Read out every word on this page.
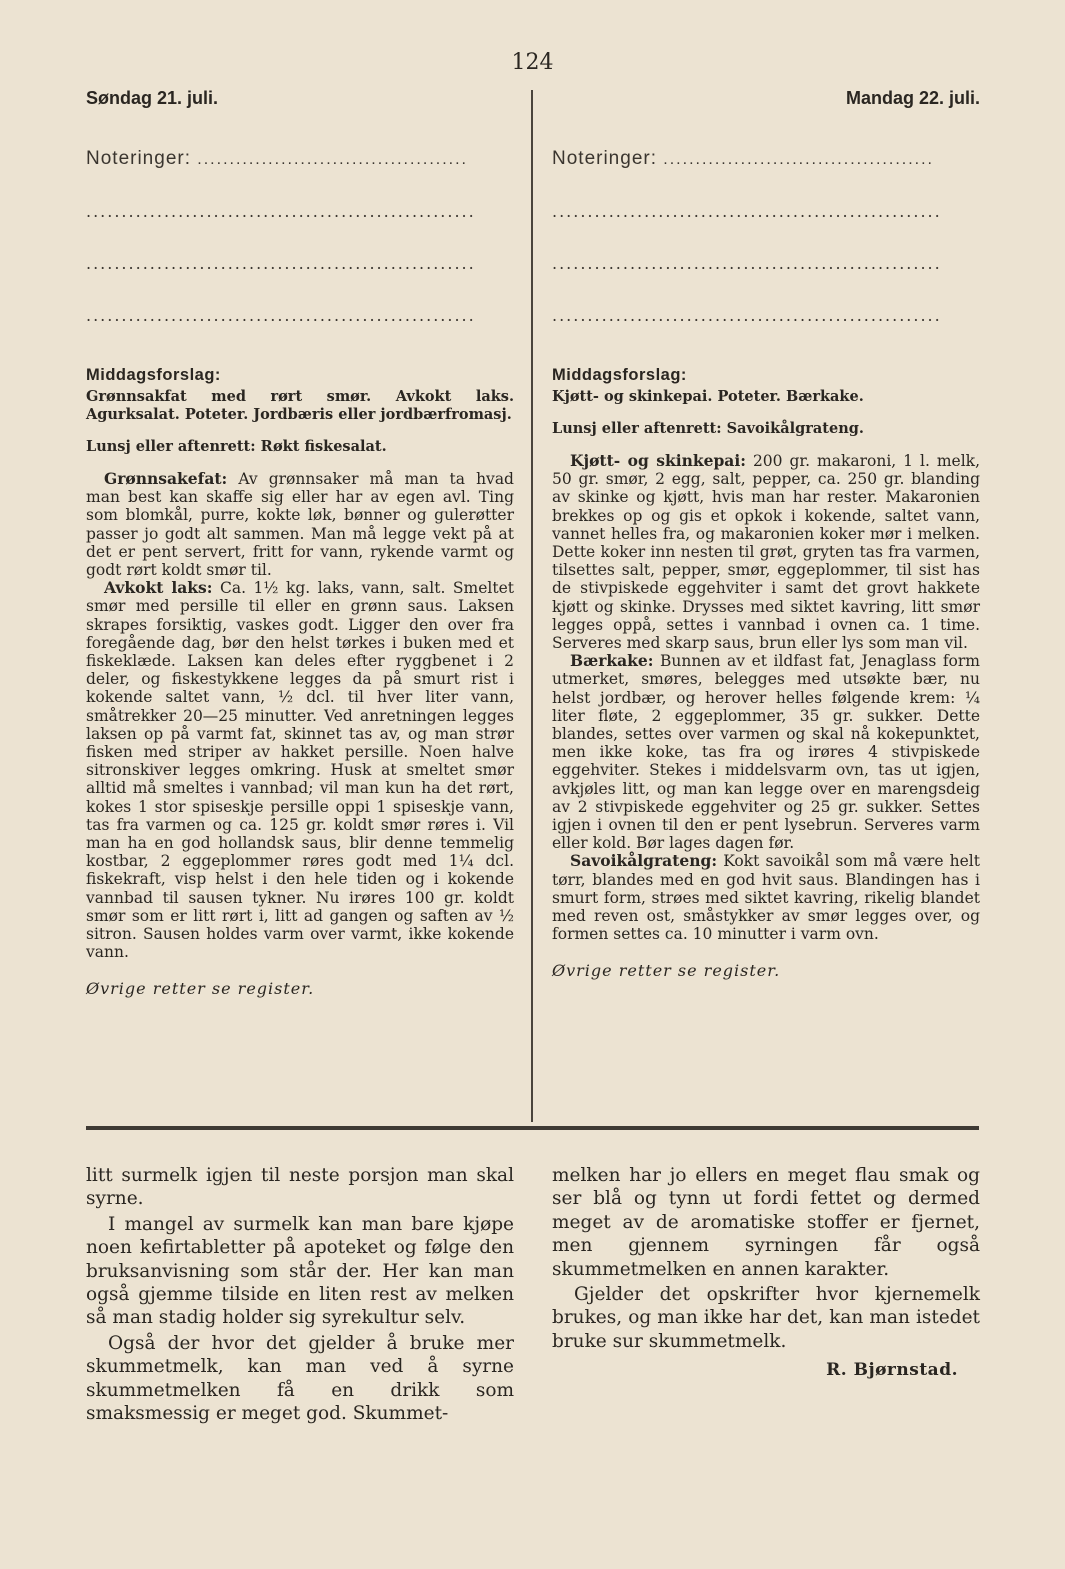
124
Søndag 21. juli.
Noteringer: ..........................................
.......................................................
.......................................................
.......................................................
Middagsforslag:
Grønnsakfat med rørt smør. Avkokt laks. Agurksalat. Poteter. Jordbæris eller jordbærfromasj.
Lunsj eller aftenrett: Røkt fiskesalat.

Grønnsakefat: Av grønnsaker må man ta hvad man best kan skaffe sig eller har av egen avl. Ting som blomkål, purre, kokte løk, bønner og gulerøtter passer jo godt alt sammen. Man må legge vekt på at det er pent servert, fritt for vann, rykende varmt og godt rørt koldt smør til.

Avkokt laks: Ca. 1½ kg. laks, vann, salt. Smeltet smør med persille til eller en grønn saus. Laksen skrapes forsiktig, vaskes godt. Ligger den over fra foregående dag, bør den helst tørkes i buken med et fiskeklæde. Laksen kan deles efter ryggbenet i 2 deler, og fiskestykkene legges da på smurt rist i kokende saltet vann, ½ dcl. til hver liter vann, småtrekker 20—25 minutter. Ved anretningen legges laksen op på varmt fat, skinnet tas av, og man strør fisken med striper av hakket persille. Noen halve sitronskiver legges omkring. Husk at smeltet smør alltid må smeltes i vannbad; vil man kun ha det rørt, kokes 1 stor spiseskje persille oppi 1 spiseskje vann, tas fra varmen og ca. 125 gr. koldt smør røres i. Vil man ha en god hollandsk saus, blir denne temmelig kostbar, 2 eggeplommer røres godt med 1¼ dcl. fiskekraft, visp helst i den hele tiden og i kokende vannbad til sausen tykner. Nu irøres 100 gr. koldt smør som er litt rørt i, litt ad gangen og saften av ½ sitron. Sausen holdes varm over varmt, ikke kokende vann.

Øvrige retter se register.
Mandag 22. juli.
Noteringer: ..........................................
.......................................................
.......................................................
.......................................................
Middagsforslag:
Kjøtt- og skinkepai. Poteter. Bærkake.
Lunsj eller aftenrett: Savoikålgrateng.

Kjøtt- og skinkepai: 200 gr. makaroni, 1 l. melk, 50 gr. smør, 2 egg, salt, pepper, ca. 250 gr. blanding av skinke og kjøtt, hvis man har rester. Makaronien brekkes op og gis et opkok i kokende, saltet vann, vannet helles fra, og makaronien koker mør i melken. Dette koker inn nesten til grøt, gryten tas fra varmen, tilsettes salt, pepper, smør, eggeplommer, til sist has de stivpiskede eggehviter i samt det grovt hakkete kjøtt og skinke. Drysses med siktet kavring, litt smør legges oppå, settes i vannbad i ovnen ca. 1 time. Serveres med skarp saus, brun eller lys som man vil.

Bærkake: Bunnen av et ildfast fat, Jenaglass form utmerket, smøres, belegges med utsøkte bær, nu helst jordbær, og herover helles følgende krem: ¼ liter fløte, 2 eggeplommer, 35 gr. sukker. Dette blandes, settes over varmen og skal nå kokepunktet, men ikke koke, tas fra og irøres 4 stivpiskede eggehviter. Stekes i middelsvarm ovn, tas ut igjen, avkjøles litt, og man kan legge over en marengsdeig av 2 stivpiskede eggehviter og 25 gr. sukker. Settes igjen i ovnen til den er pent lysebrun. Serveres varm eller kold. Bør lages dagen før.

Savoikålgrateng: Kokt savoikål som må være helt tørr, blandes med en god hvit saus. Blandingen has i smurt form, strøes med siktet kavring, rikelig blandet med reven ost, småstykker av smør legges over, og formen settes ca. 10 minutter i varm ovn.

Øvrige retter se register.

litt surmelk igjen til neste porsjon man skal syrne.

I mangel av surmelk kan man bare kjøpe noen kefirtabletter på apoteket og følge den bruksanvisning som står der. Her kan man også gjemme tilside en liten rest av melken så man stadig holder sig syrekultur selv.

Også der hvor det gjelder å bruke mer skummetmelk, kan man ved å syrne skummetmelken få en drikk som smaksmessig er meget god. Skummet-

melken har jo ellers en meget flau smak og ser blå og tynn ut fordi fettet og dermed meget av de aromatiske stoffer er fjernet, men gjennem syrningen får også skummetmelken en annen karakter.

Gjelder det opskrifter hvor kjernemelk brukes, og man ikke har det, kan man istedet bruke sur skummetmelk.

R. Bjørnstad.
